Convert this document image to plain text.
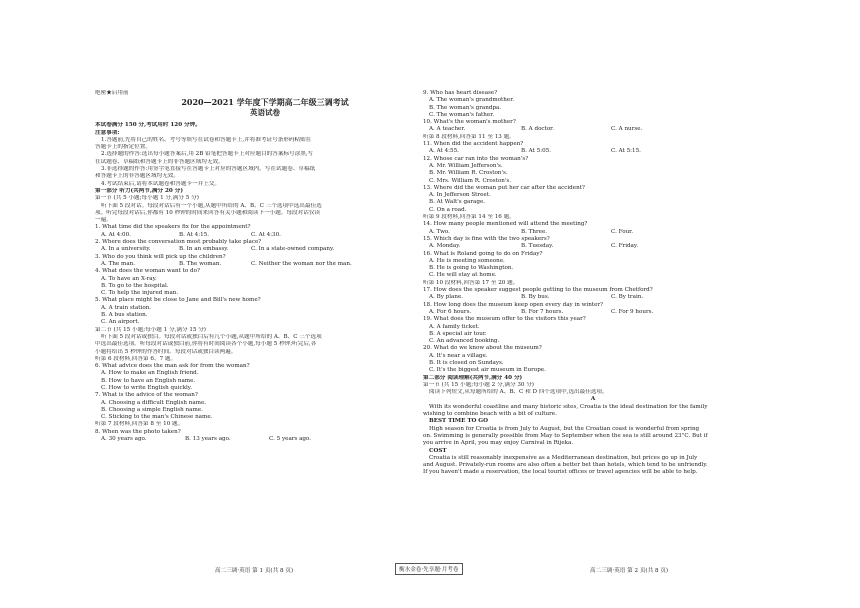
绝密★启用前
2020—2021 学年度下学期高二年级三调考试
英语试卷
本试卷满分 150 分,考试用时 120 分钟。
注意事项:
1.答题前,先将自己的姓名、考号等填写在试卷和答题卡上,并将准考证号条形码粘贴在
答题卡上的指定位置。
2.选择题的作答:选出每小题答案后,用 2B 铅笔把答题卡上对应题目的答案标号涂黑,写
在试题卷、草稿纸和答题卡上的非答题区域均无效。
3.非选择题的作答:用签字笔直接写在答题卡上对应的答题区域内。写在试题卷、草稿纸
和答题卡上的非答题区域均无效。
4.考试结束后,请将本试题卷和答题卡一并上交。
第一部分 听力(共两节,满分 20 分)
第一节 (共 5 小题;每小题 1 分,满分 5 分)
听下面 5 段对话。每段对话后有一个小题,从题中所给的 A、B、C 三个选项中选出最佳选
项。听完每段对话后,你都有 10 秒钟的时间来回答有关小题和阅读下一小题。每段对话仅读
一遍。
1. What time did the speakers fix for the appointment?
A. At 4:00.	B. At 4:15.	C. At 4:30.
2. Where does the conversation most probably take place?
A. In a university.	B. In an embassy.	C. In a state-owned company.
3. Who do you think will pick up the children?
A. The man.	B. The woman.	C. Neither the woman nor the man.
4. What does the woman want to do?
A. To have an X-ray.
B. To go to the hospital.
C. To help the injured man.
5. What place might be close to Jane and Bill's new home?
A. A train station.
B. A bus station.
C. An airport.
第二节 (共 15 小题;每小题 1 分,满分 15 分)
听下面 5 段对话或独白。每段对话或独白后有几个小题,从题中所给的 A、B、C 三个选项
中选出最佳选项。听每段对话或独白前,你将有时间阅读各个小题,每小题 5 秒钟;听完后,各
小题将给出 5 秒钟的作答时间。每段对话或独白读两遍。
听第 6 段材料,回答第 6、7 题。
6. What advice does the man ask for from the woman?
A. How to make an English friend.
B. How to have an English name.
C. How to write English quickly.
7. What is the advice of the woman?
A. Choosing a difficult English name.
B. Choosing a simple English name.
C. Sticking to the man's Chinese name.
听第 7 段材料,回答第 8 至 10 题。
8. When was the photo taken?
A. 30 years ago.	B. 13 years ago.	C. 5 years ago.
9. Who has heart disease?
A. The woman's grandmother.
B. The woman's grandpa.
C. The woman's father.
10. What's the woman's mother?
A. A teacher.	B. A doctor.	C. A nurse.
听第 8 段材料,回答第 11 至 13 题。
11. When did the accident happen?
A. At 4:55.	B. At 5:05.	C. At 5:15.
12. Whose car ran into the woman's?
A. Mr. William Jefferson's.
B. Mr. William R. Croston's.
C. Mrs. William R. Croston's.
13. Where did the woman put her car after the accident?
A. In Jefferson Street.
B. At Walt's garage.
C. On a road.
听第 9 段材料,回答第 14 至 16 题。
14. How many people mentioned will attend the meeting?
A. Two.	B. Three.	C. Four.
15. Which day is fine with the two speakers?
A. Monday.	B. Tuesday.	C. Friday.
16. What is Roland going to do on Friday?
A. He is meeting someone.
B. He is going to Washington.
C. He will stay at home.
听第 10 段材料,回答第 17 至 20 题。
17. How does the speaker suggest people getting to the museum from Chetford?
A. By plane.	B. By bus.	C. By train.
18. How long does the museum keep open every day in winter?
A. For 6 hours.	B. For 7 hours.	C. For 9 hours.
19. What does the museum offer to the visitors this year?
A. A family ticket.
B. A special air tour.
C. An advanced booking.
20. What do we know about the museum?
A. It's near a village.
B. It is closed on Sundays.
C. It's the biggest air museum in Europe.
第二部分 阅读理解(共两节,满分 40 分)
第一节 (共 15 小题;每小题 2 分,满分 30 分)
阅读下列短文,从每题所给的 A、B、C 和 D 四个选项中,选出最佳选项。
A
With its wonderful coastline and many historic sites, Croatia is the ideal destination for the family
wishing to combine beach with a bit of culture.
BEST TIME TO GO
High season for Croatia is from July to August, but the Croatian coast is wonderful from spring
on. Swimming is generally possible from May to September when the sea is still around 23°C. But if
you arrive in April, you may enjoy Carnival in Rijeka.
COST
Croatia is still reasonably inexpensive as a Mediterranean destination, but prices go up in July
and August. Privately-run rooms are also often a better bet than hotels, which tend to be unfriendly.
If you haven't made a reservation, the local tourist offices or travel agencies will be able to help.
高二三调·英语 第 1 页(共 8 页)	衡水金卷·先享题·月考卷	高二三调·英语 第 2 页(共 8 页)
